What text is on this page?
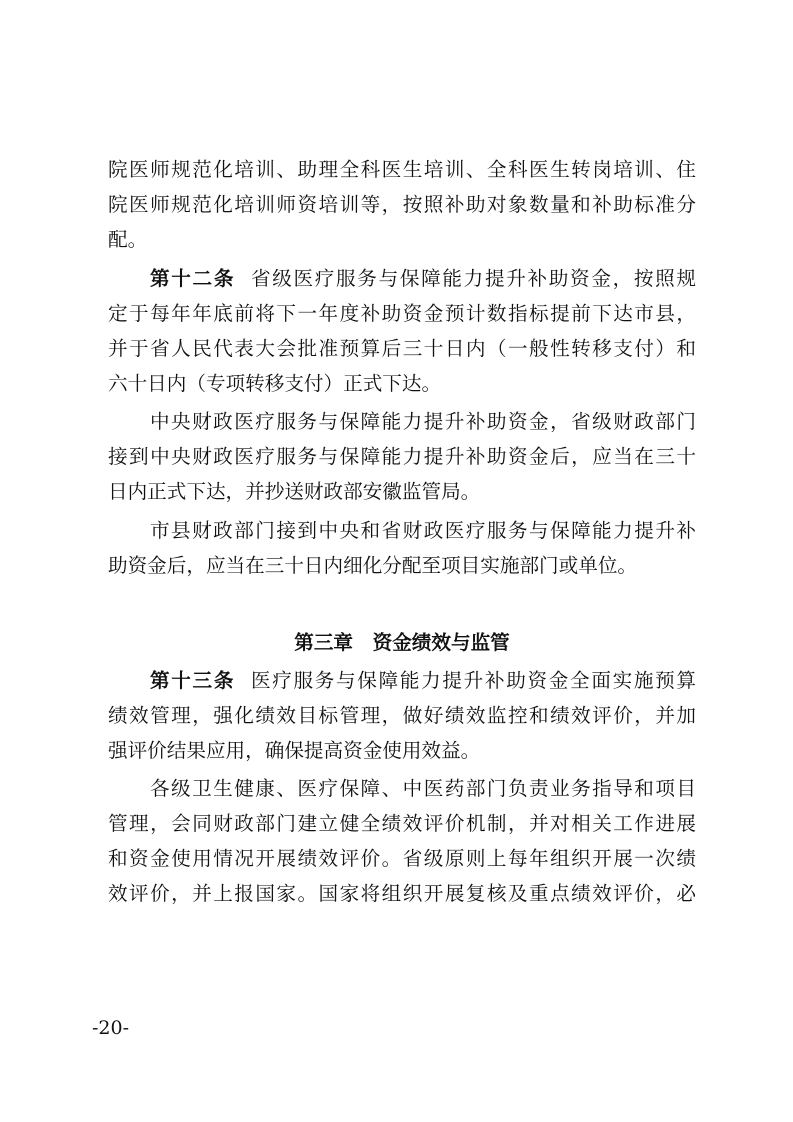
院医师规范化培训、助理全科医生培训、全科医生转岗培训、住
院医师规范化培训师资培训等，按照补助对象数量和补助标准分
配。
第十二条 省级医疗服务与保障能力提升补助资金，按照规
定于每年年底前将下一年度补助资金预计数指标提前下达市县，
并于省人民代表大会批准预算后三十日内（一般性转移支付）和
六十日内（专项转移支付）正式下达。
中央财政医疗服务与保障能力提升补助资金，省级财政部门
接到中央财政医疗服务与保障能力提升补助资金后，应当在三十
日内正式下达，并抄送财政部安徽监管局。
市县财政部门接到中央和省财政医疗服务与保障能力提升补
助资金后，应当在三十日内细化分配至项目实施部门或单位。
第三章　资金绩效与监管
第十三条 医疗服务与保障能力提升补助资金全面实施预算
绩效管理，强化绩效目标管理，做好绩效监控和绩效评价，并加
强评价结果应用，确保提高资金使用效益。
各级卫生健康、医疗保障、中医药部门负责业务指导和项目
管理，会同财政部门建立健全绩效评价机制，并对相关工作进展
和资金使用情况开展绩效评价。省级原则上每年组织开展一次绩
效评价，并上报国家。国家将组织开展复核及重点绩效评价，必
-20-
